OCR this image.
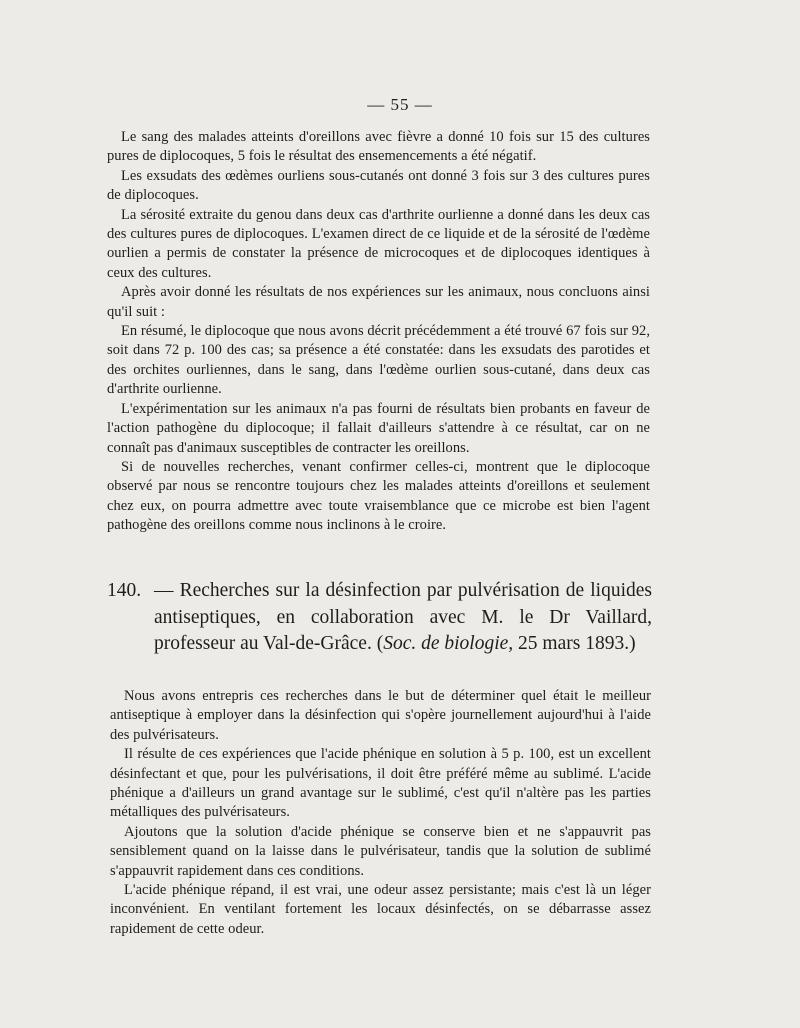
— 55 —

Le sang des malades atteints d'oreillons avec fièvre a donné 10 fois sur 15 des cultures pures de diplocoques, 5 fois le résultat des ensemencements a été négatif.

Les exsudats des œdèmes ourliens sous-cutanés ont donné 3 fois sur 3 des cultures pures de diplocoques.

La sérosité extraite du genou dans deux cas d'arthrite ourlienne a donné dans les deux cas des cultures pures de diplocoques. L'examen direct de ce liquide et de la sérosité de l'œdème ourlien a permis de constater la présence de microcoques et de diplocoques identiques à ceux des cultures.

Après avoir donné les résultats de nos expériences sur les animaux, nous concluons ainsi qu'il suit :

En résumé, le diplocoque que nous avons décrit précédemment a été trouvé 67 fois sur 92, soit dans 72 p. 100 des cas; sa présence a été constatée: dans les exsudats des parotides et des orchites ourliennes, dans le sang, dans l'œdème ourlien sous-cutané, dans deux cas d'arthrite ourlienne.

L'expérimentation sur les animaux n'a pas fourni de résultats bien probants en faveur de l'action pathogène du diplocoque; il fallait d'ailleurs s'attendre à ce résultat, car on ne connaît pas d'animaux susceptibles de contracter les oreillons.

Si de nouvelles recherches, venant confirmer celles-ci, montrent que le diplocoque observé par nous se rencontre toujours chez les malades atteints d'oreillons et seulement chez eux, on pourra admettre avec toute vraisemblance que ce microbe est bien l'agent pathogène des oreillons comme nous inclinons à le croire.

140. — Recherches sur la désinfection par pulvérisation de liquides antiseptiques, en collaboration avec M. le Dr Vaillard, professeur au Val-de-Grâce. (Soc. de biologie, 25 mars 1893.)

Nous avons entrepris ces recherches dans le but de déterminer quel était le meilleur antiseptique à employer dans la désinfection qui s'opère journellement aujourd'hui à l'aide des pulvérisateurs.

Il résulte de ces expériences que l'acide phénique en solution à 5 p. 100, est un excellent désinfectant et que, pour les pulvérisations, il doit être préféré même au sublimé. L'acide phénique a d'ailleurs un grand avantage sur le sublimé, c'est qu'il n'altère pas les parties métalliques des pulvérisateurs.

Ajoutons que la solution d'acide phénique se conserve bien et ne s'appauvrit pas sensiblement quand on la laisse dans le pulvérisateur, tandis que la solution de sublimé s'appauvrit rapidement dans ces conditions.

L'acide phénique répand, il est vrai, une odeur assez persistante; mais c'est là un léger inconvénient. En ventilant fortement les locaux désinfectés, on se débarrasse assez rapidement de cette odeur.
